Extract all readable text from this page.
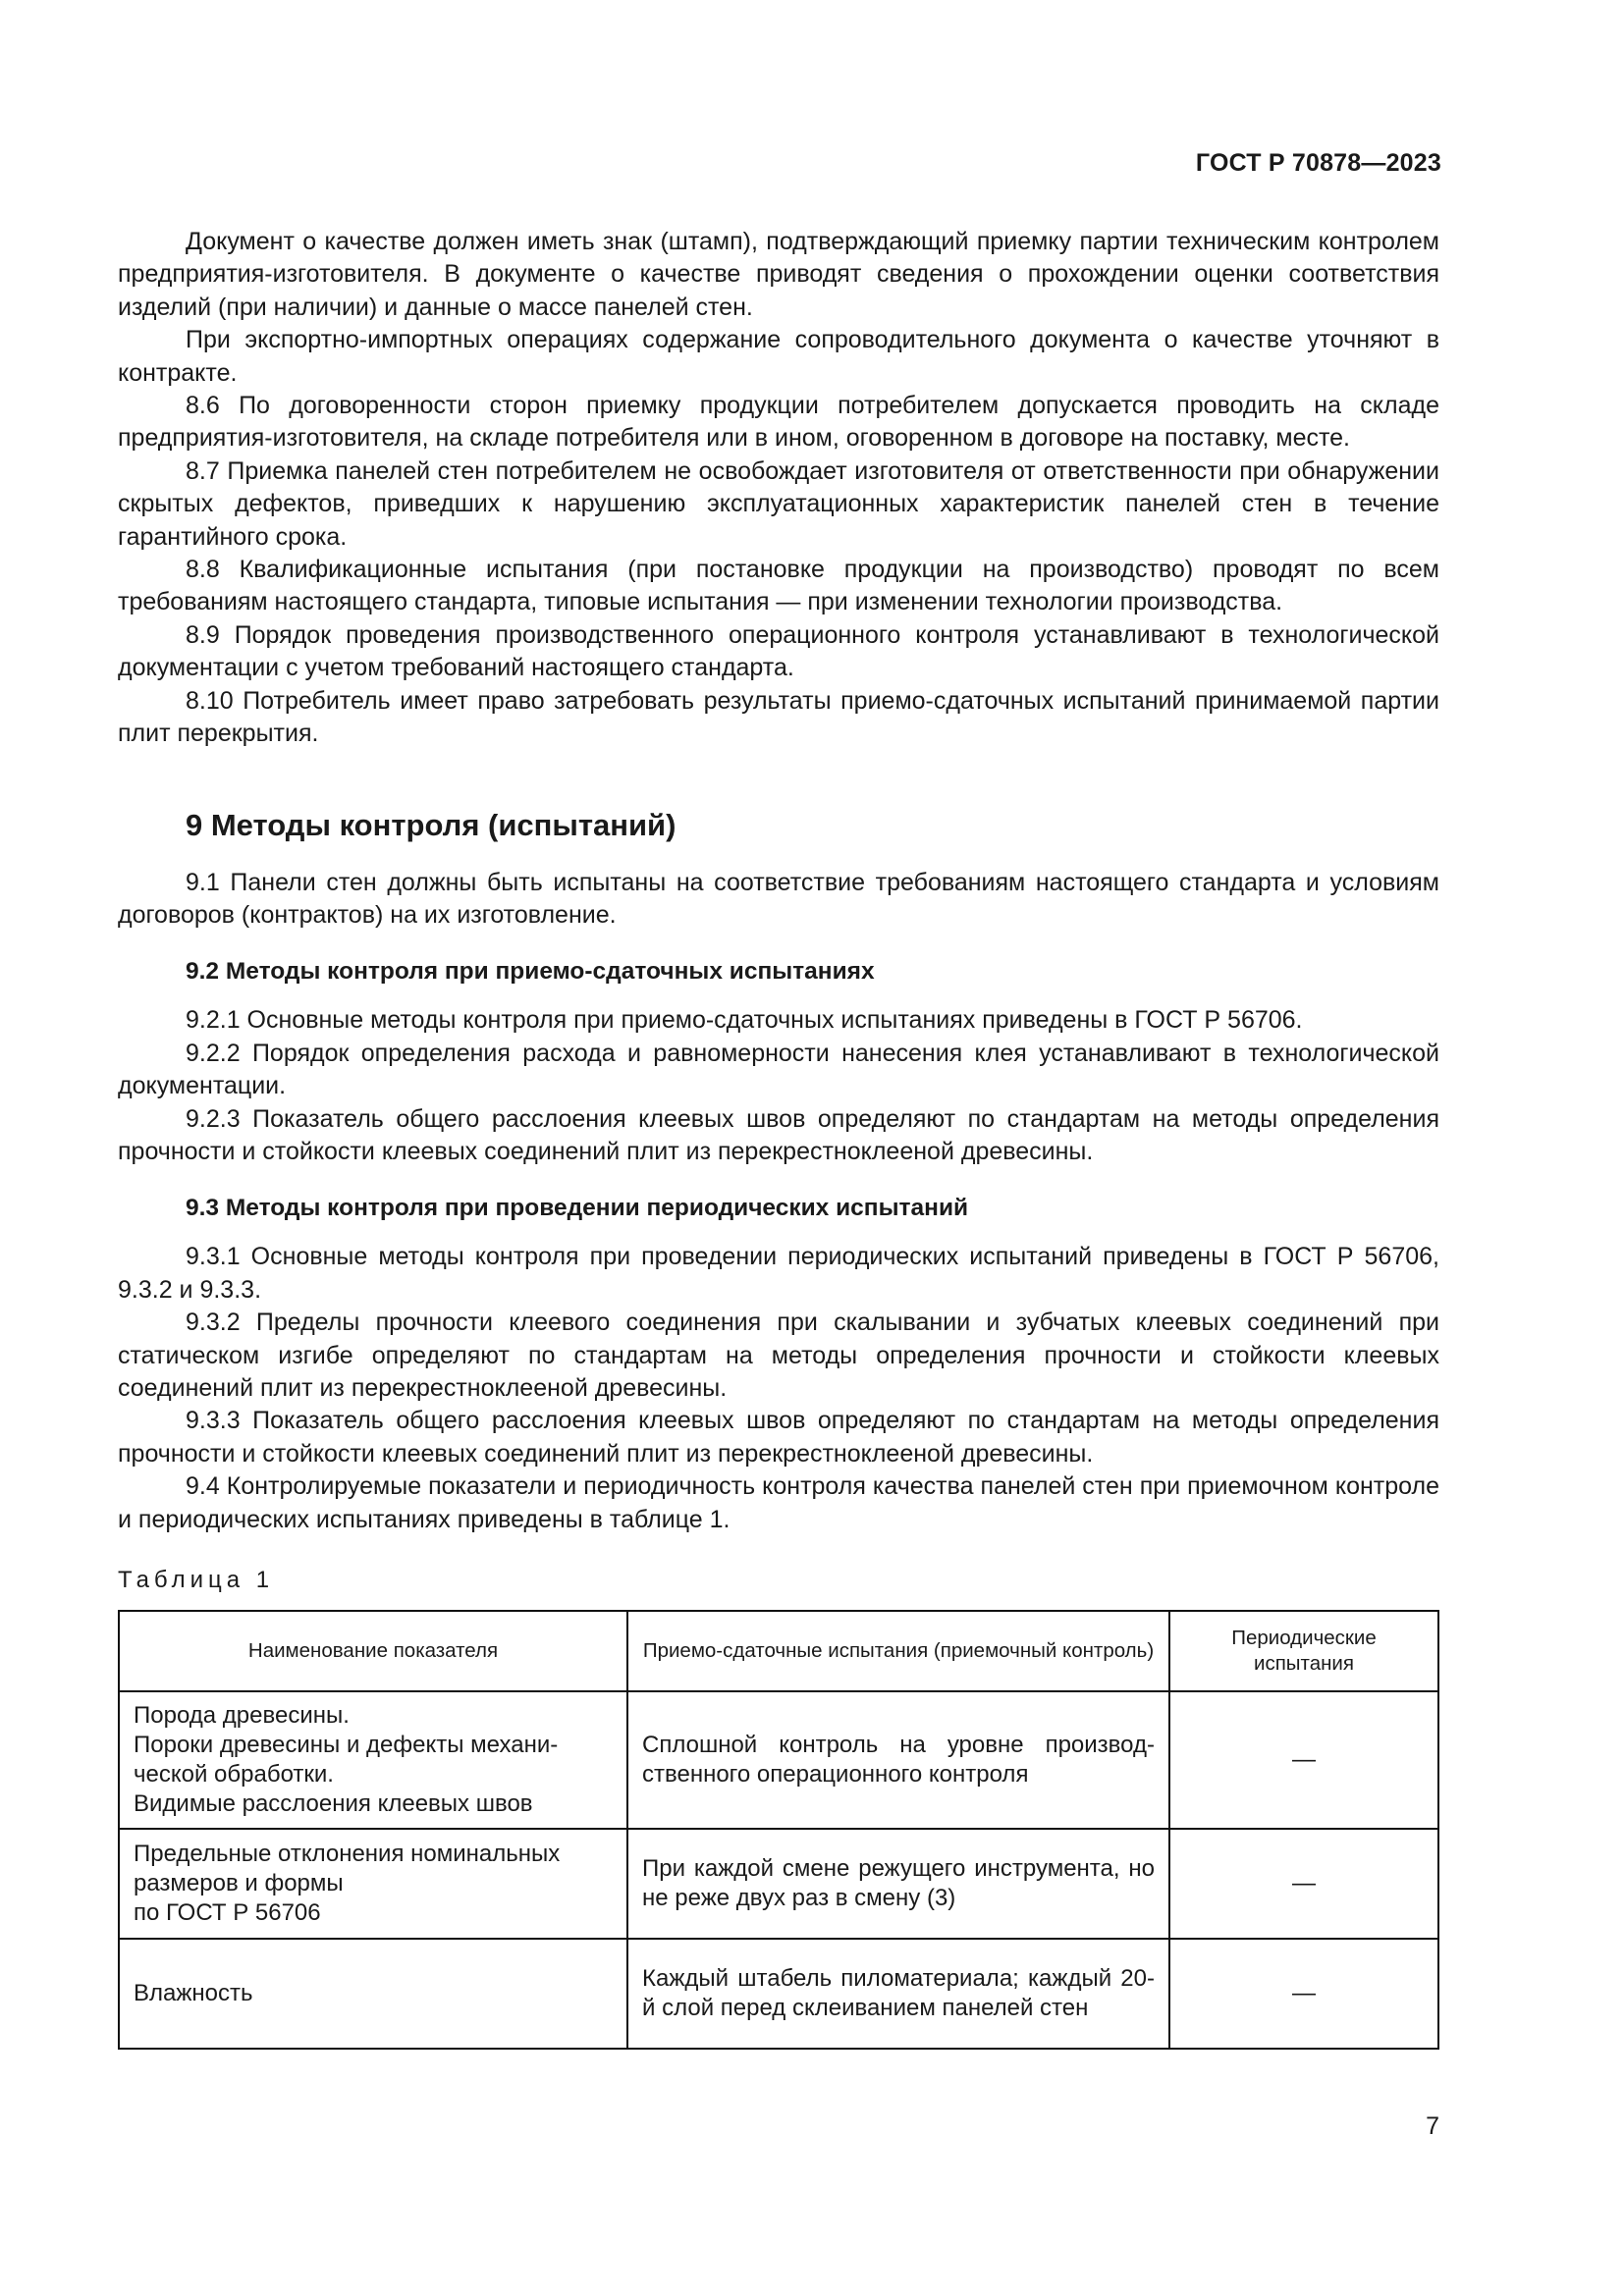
ГОСТ Р 70878—2023

Документ о качестве должен иметь знак (штамп), подтверждающий приемку партии техническим контролем предприятия-изготовителя. В документе о качестве приводят сведения о прохождении оценки соответствия изделий (при наличии) и данные о массе панелей стен.

При экспортно-импортных операциях содержание сопроводительного документа о качестве уточняют в контракте.

8.6 По договоренности сторон приемку продукции потребителем допускается проводить на складе предприятия-изготовителя, на складе потребителя или в ином, оговоренном в договоре на поставку, месте.

8.7 Приемка панелей стен потребителем не освобождает изготовителя от ответственности при обнаружении скрытых дефектов, приведших к нарушению эксплуатационных характеристик панелей стен в течение гарантийного срока.

8.8 Квалификационные испытания (при постановке продукции на производство) проводят по всем требованиям настоящего стандарта, типовые испытания — при изменении технологии производства.

8.9 Порядок проведения производственного операционного контроля устанавливают в технологической документации с учетом требований настоящего стандарта.

8.10 Потребитель имеет право затребовать результаты приемо-сдаточных испытаний принимаемой партии плит перекрытия.

9 Методы контроля (испытаний)

9.1 Панели стен должны быть испытаны на соответствие требованиям настоящего стандарта и условиям договоров (контрактов) на их изготовление.

9.2 Методы контроля при приемо-сдаточных испытаниях

9.2.1 Основные методы контроля при приемо-сдаточных испытаниях приведены в ГОСТ Р 56706.

9.2.2 Порядок определения расхода и равномерности нанесения клея устанавливают в технологической документации.

9.2.3 Показатель общего расслоения клеевых швов определяют по стандартам на методы определения прочности и стойкости клеевых соединений плит из перекрестноклееной древесины.

9.3 Методы контроля при проведении периодических испытаний

9.3.1 Основные методы контроля при проведении периодических испытаний приведены в ГОСТ Р 56706, 9.3.2 и 9.3.3.

9.3.2 Пределы прочности клеевого соединения при скалывании и зубчатых клеевых соединений при статическом изгибе определяют по стандартам на методы определения прочности и стойкости клеевых соединений плит из перекрестноклееной древесины.

9.3.3 Показатель общего расслоения клеевых швов определяют по стандартам на методы определения прочности и стойкости клеевых соединений плит из перекрестноклееной древесины.

9.4 Контролируемые показатели и периодичность контроля качества панелей стен при приемочном контроле и периодических испытаниях приведены в таблице 1.

Таблица 1
Наименование показателя	Приемо-сдаточные испытания (приемочный контроль)	Периодические испытания

Порода древесины.
Пороки древесины и дефекты механической обработки.
Видимые расслоения клеевых швов	Сплошной контроль на уровне производственного операционного контроля	—

Предельные отклонения номинальных размеров и формы
по ГОСТ Р 56706	При каждой смене режущего инструмента, но не реже двух раз в смену (3)	—
Влажность	Каждый штабель пиломатериала; каждый 20-й слой перед склеиванием панелей стен	—
7
